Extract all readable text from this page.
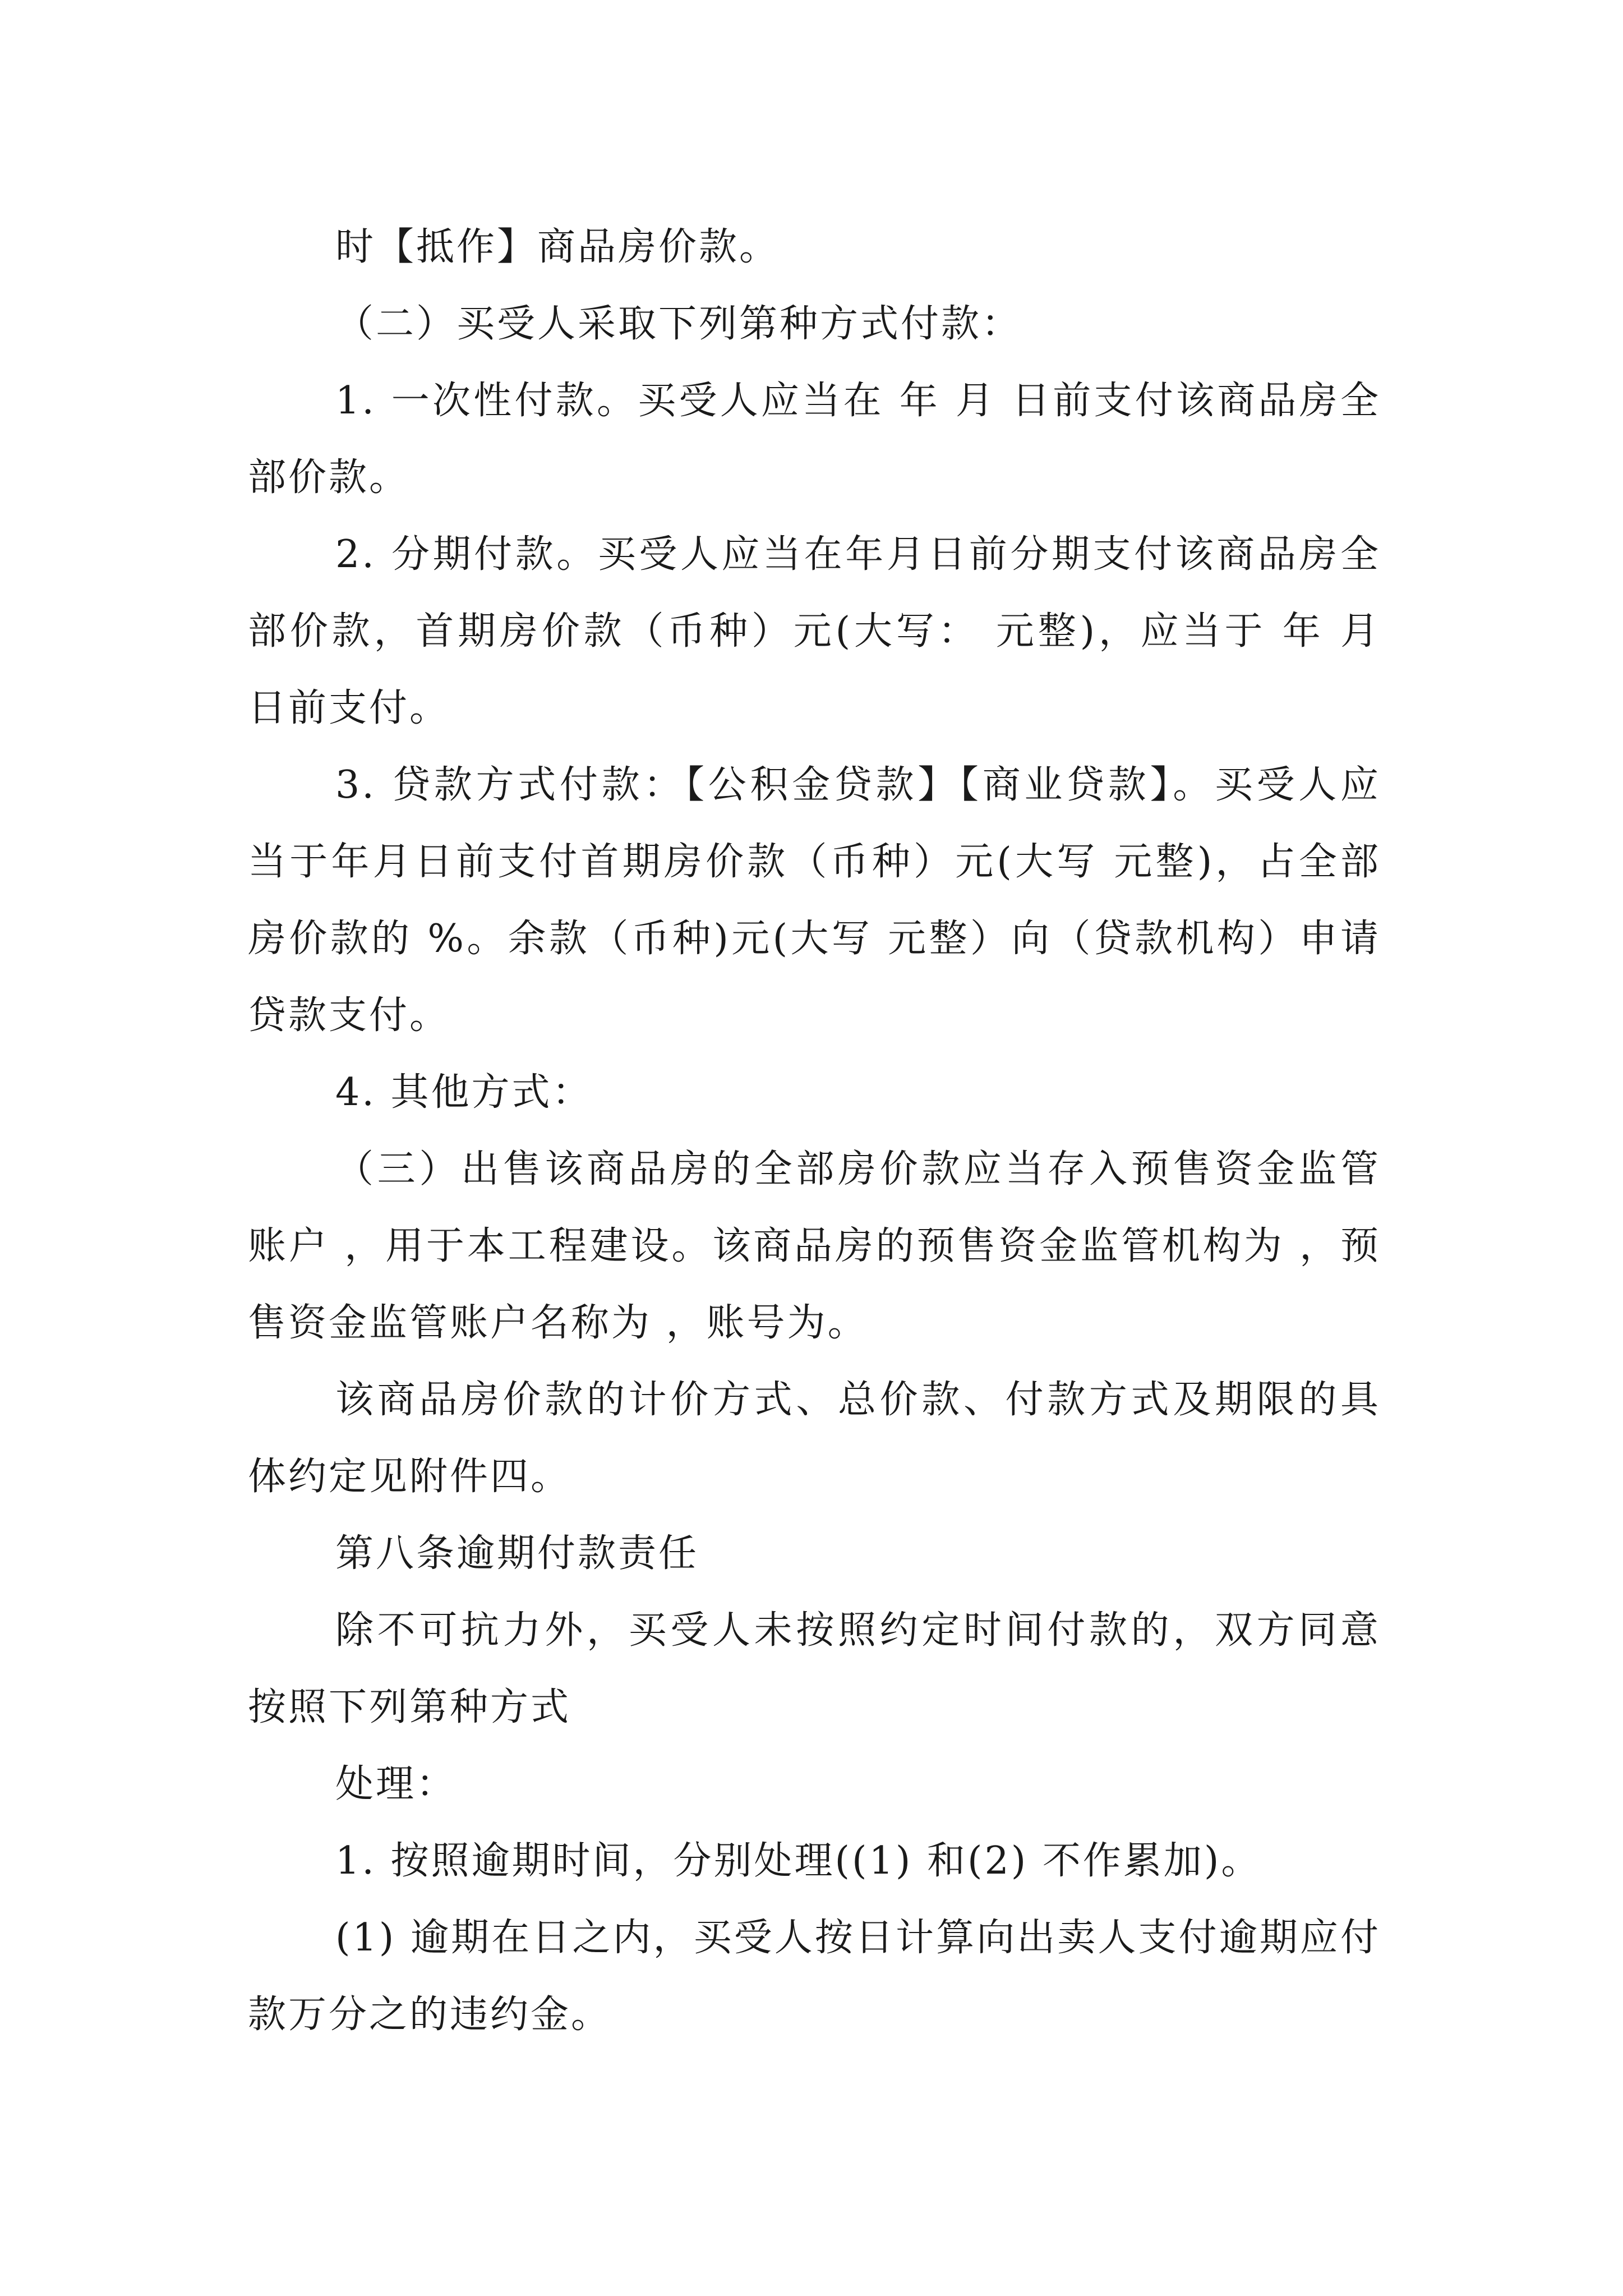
时【抵作】商品房价款。

（二）买受人采取下列第种方式付款：

1. 一次性付款。买受人应当在 年 月 日前支付该商品房全部价款。

2. 分期付款。买受人应当在年月日前分期支付该商品房全部价款，首期房价款（币种）元(大写： 元整)，应当于 年 月 日前支付。

3. 贷款方式付款：【公积金贷款】【商业贷款】。买受人应当于年月日前支付首期房价款（币种）元(大写 元整)，占全部房价款的 %。余款（币种)元(大写 元整）向（贷款机构）申请贷款支付。

4. 其他方式：

（三）出售该商品房的全部房价款应当存入预售资金监管账户 ，用于本工程建设。该商品房的预售资金监管机构为 ，预售资金监管账户名称为 ，账号为。

该商品房价款的计价方式、总价款、付款方式及期限的具体约定见附件四。

第八条逾期付款责任

除不可抗力外，买受人未按照约定时间付款的，双方同意按照下列第种方式

处理：

1. 按照逾期时间，分别处理((1) 和(2) 不作累加)。

(1) 逾期在日之内，买受人按日计算向出卖人支付逾期应付款万分之的违约金。
